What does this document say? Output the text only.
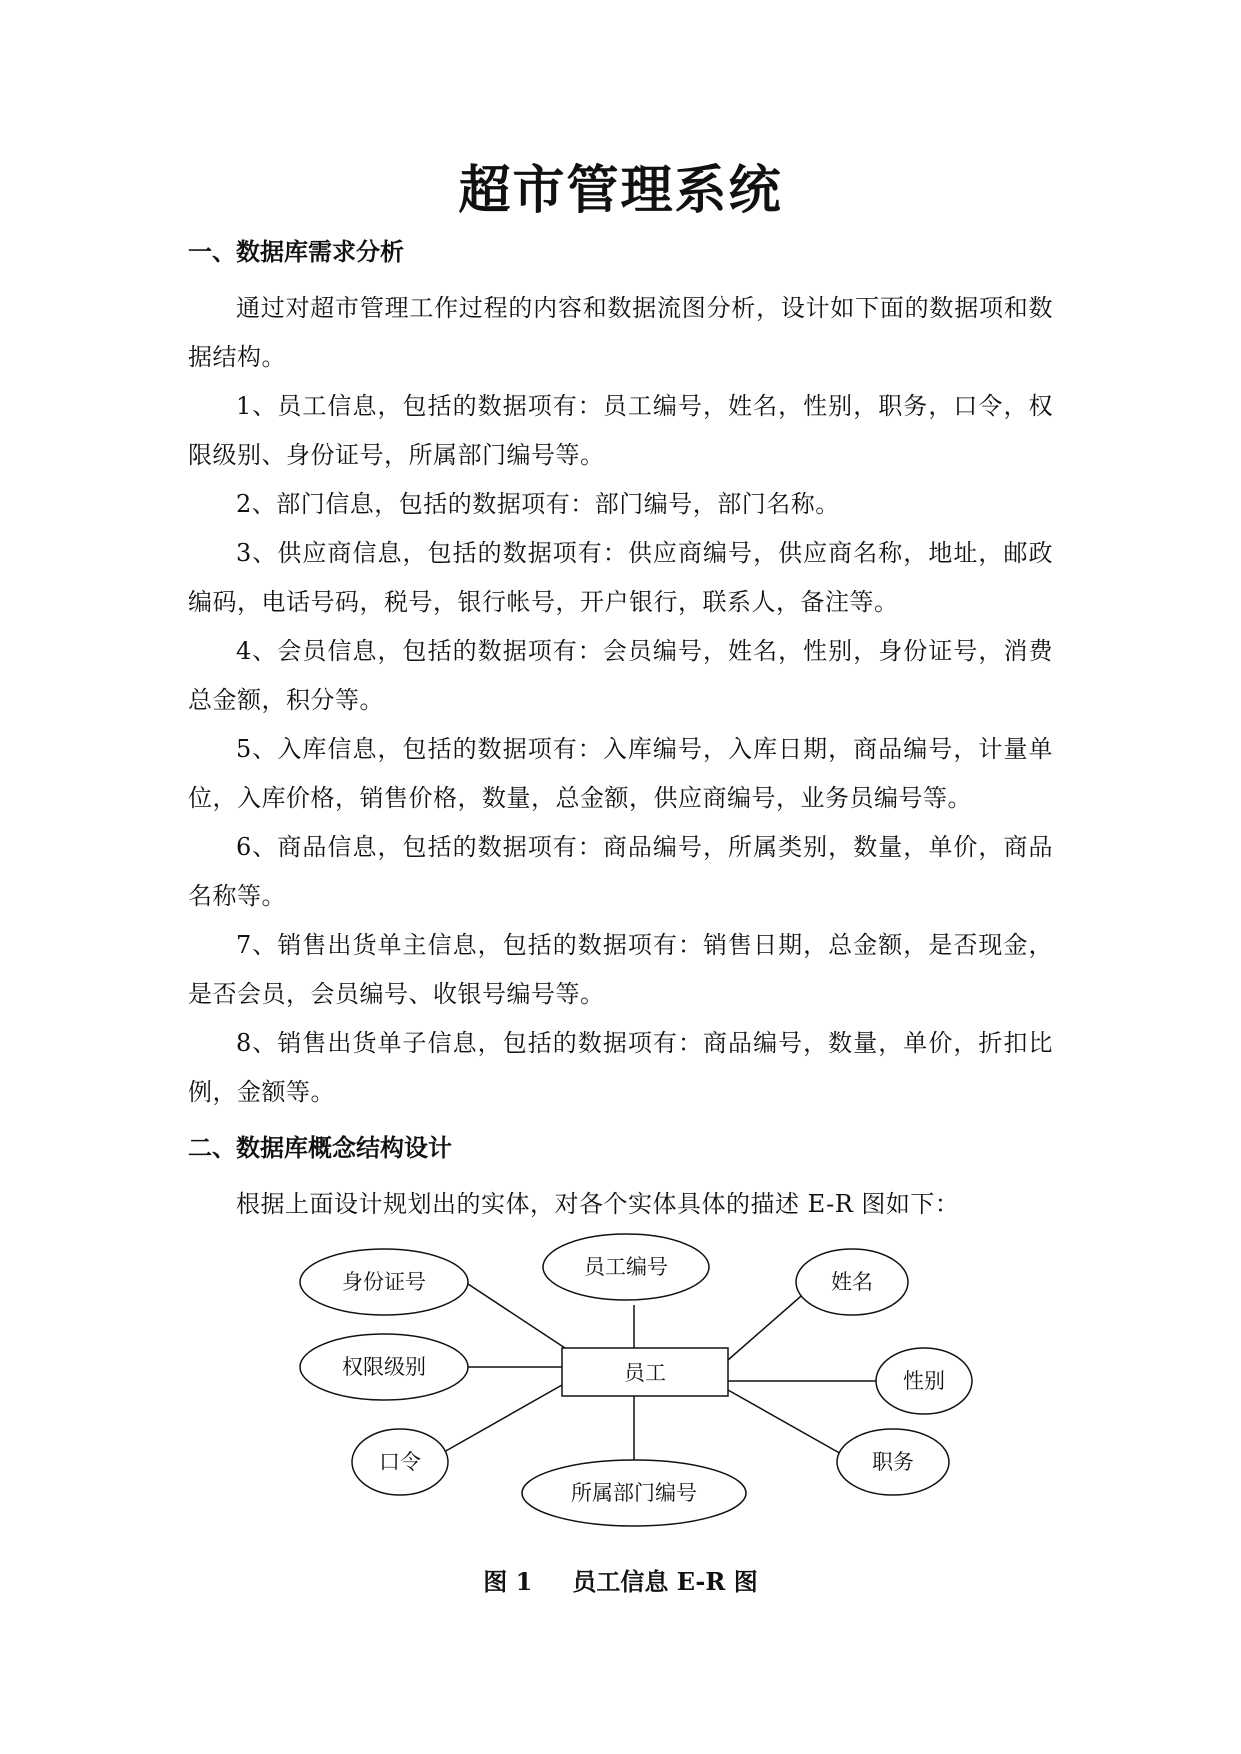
超市管理系统
一、数据库需求分析
通过对超市管理工作过程的内容和数据流图分析，设计如下面的数据项和数据结构。
1、员工信息，包括的数据项有：员工编号，姓名，性别，职务，口令，权限级别、身份证号，所属部门编号等。
2、部门信息，包括的数据项有：部门编号，部门名称。
3、供应商信息，包括的数据项有：供应商编号，供应商名称，地址，邮政编码，电话号码，税号，银行帐号，开户银行，联系人，备注等。
4、会员信息，包括的数据项有：会员编号，姓名，性别，身份证号，消费总金额，积分等。
5、入库信息，包括的数据项有：入库编号，入库日期，商品编号，计量单位，入库价格，销售价格，数量，总金额，供应商编号，业务员编号等。
6、商品信息，包括的数据项有：商品编号，所属类别，数量，单价，商品名称等。
7、销售出货单主信息，包括的数据项有：销售日期，总金额，是否现金，是否会员，会员编号、收银号编号等。
8、销售出货单子信息，包括的数据项有：商品编号，数量，单价，折扣比例，金额等。
二、数据库概念结构设计
根据上面设计规划出的实体，对各个实体具体的描述 E-R 图如下：
员工
身份证号
员工编号
姓名
权限级别
性别
口令	职务
所属部门编号
图 1 员工信息 E-R 图
